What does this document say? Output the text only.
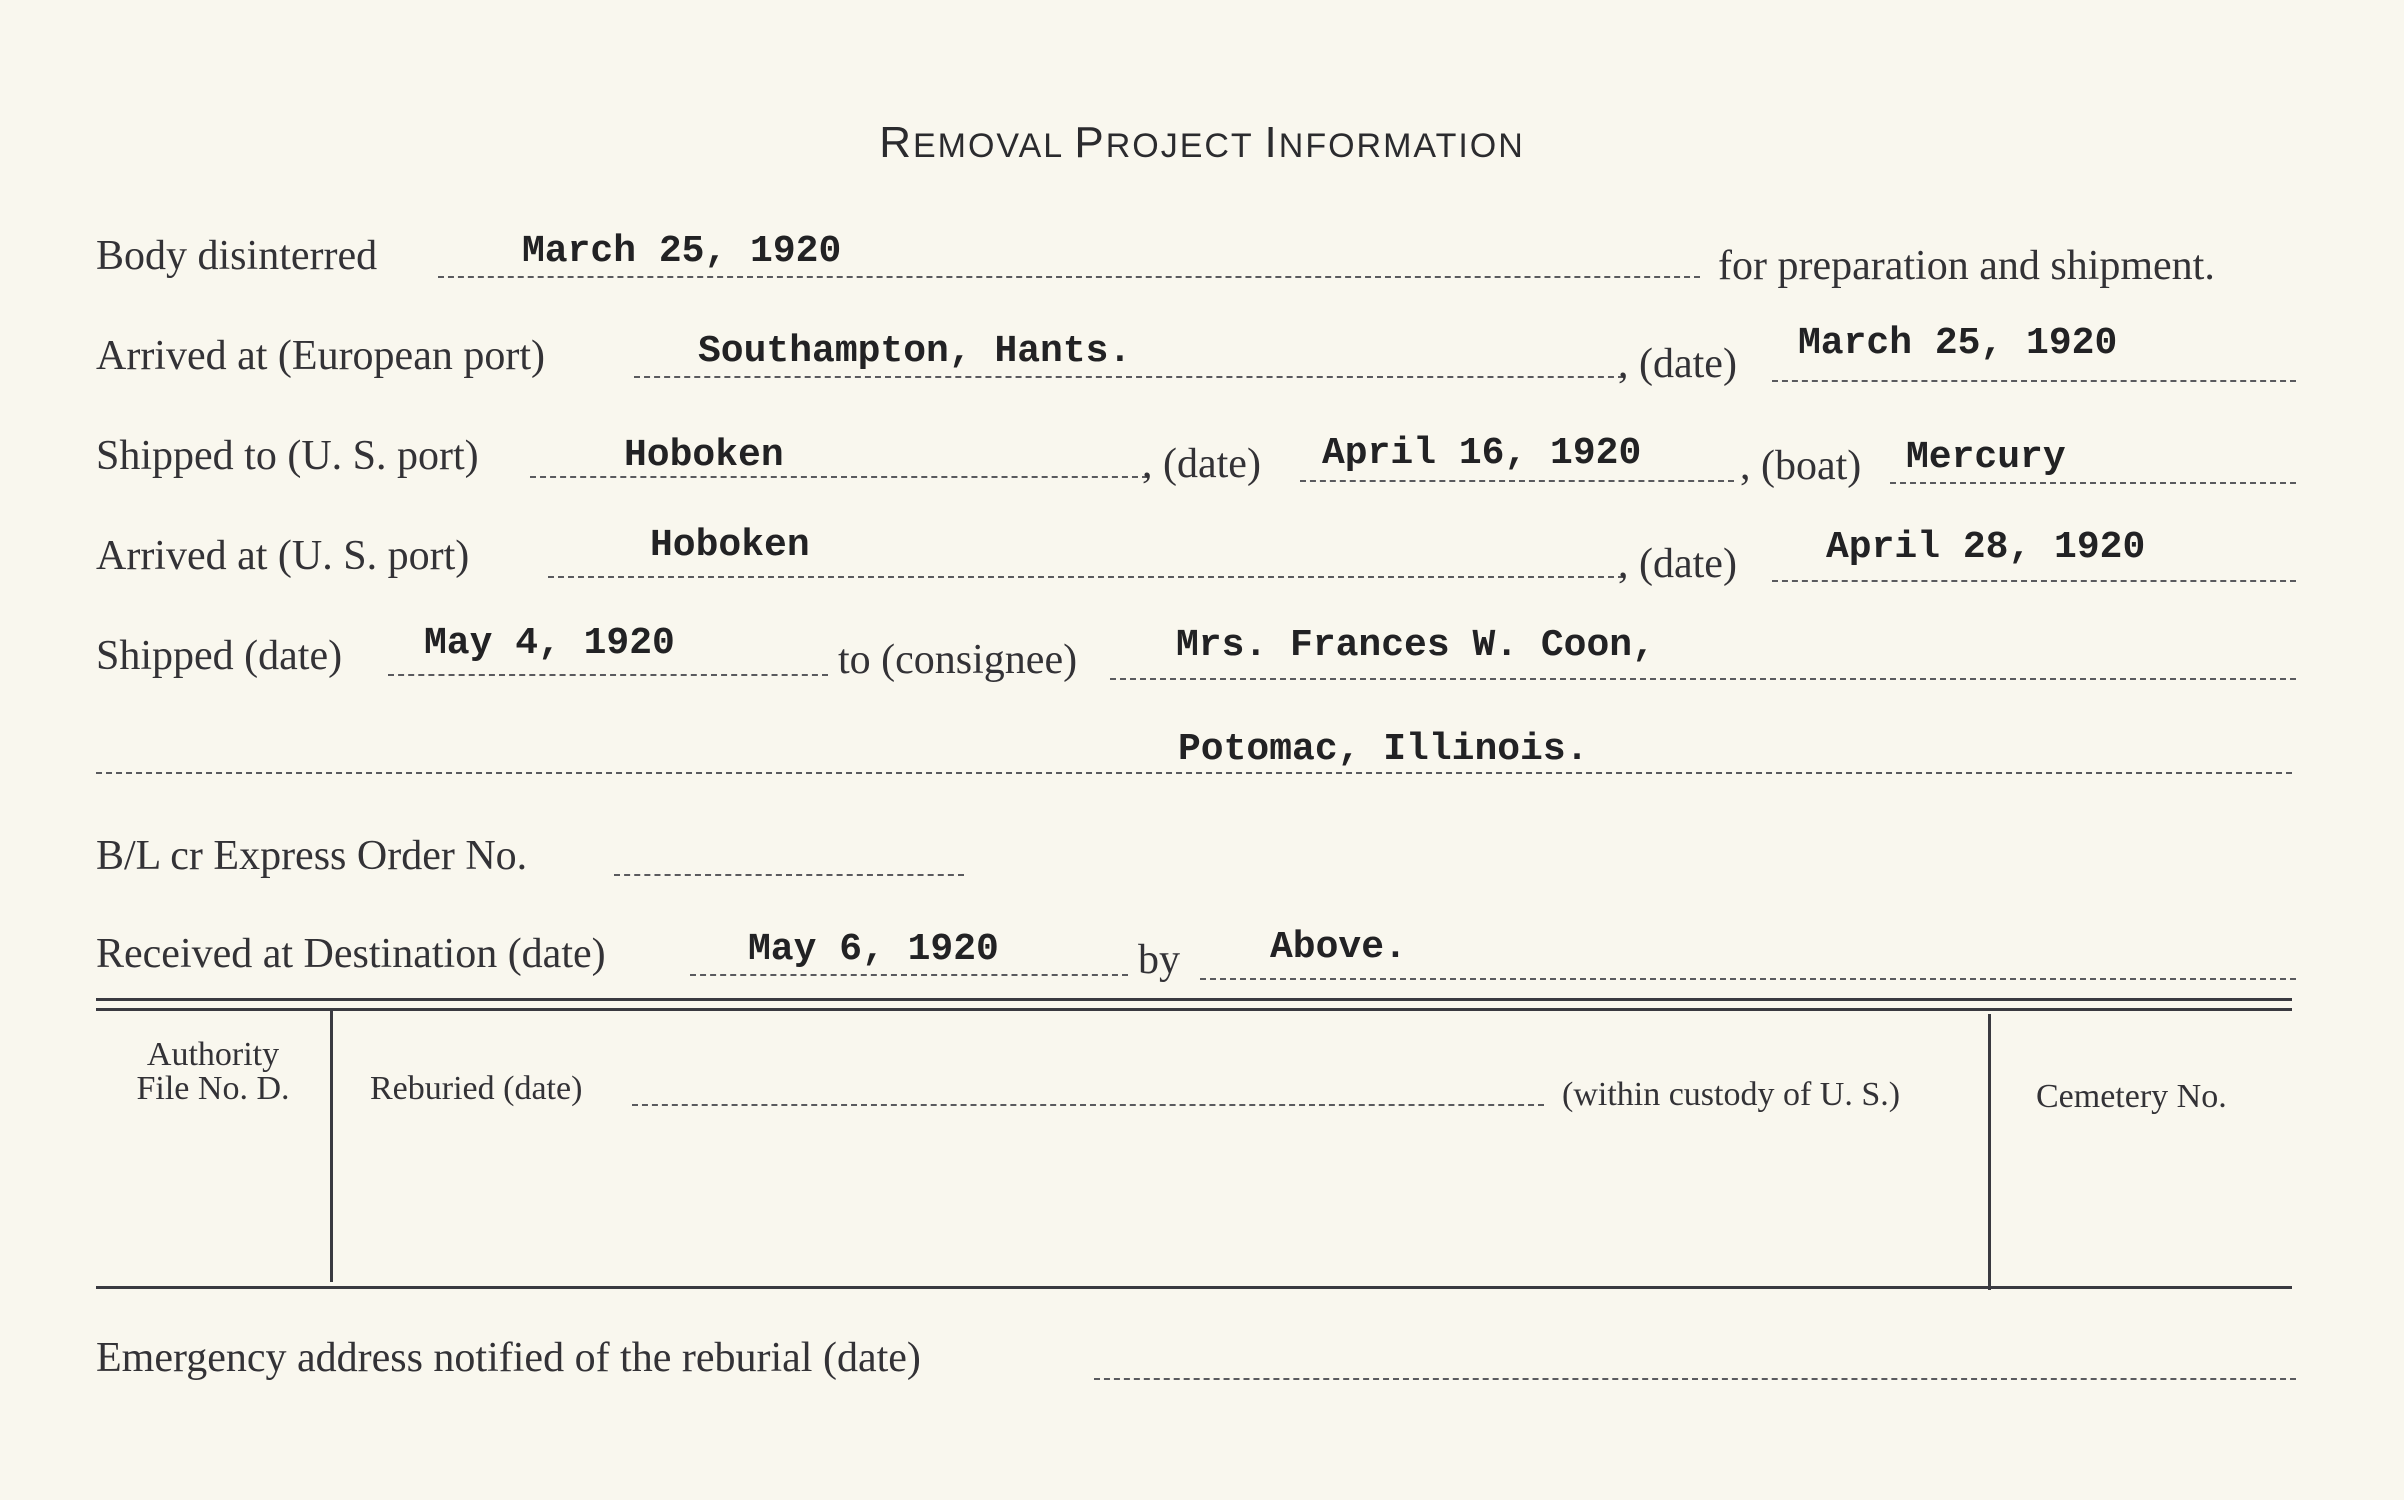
REMOVAL PROJECT INFORMATION
Body disinterred	March 25, 1920	for preparation and shipment.
Arrived at (European port)	Southampton, Hants.	, (date) March 25, 1920
Shipped to (U. S. port)	Hoboken	, (date) April 16, 1920 , (boat) Mercury
Arrived at (U. S. port)	Hoboken	, (date) April 28, 1920
Shipped (date) May 4, 1920	to (consignee)	Mrs. Frances W. Coon,
Potomac, Illinois.
B/L cr Express Order No.
Received at Destination (date)	May 6, 1920	by Above.
Authority
File No. D.	Reburied (date)	(within custody of U. S.)	Cemetery No.
Emergency address notified of the reburial (date)
